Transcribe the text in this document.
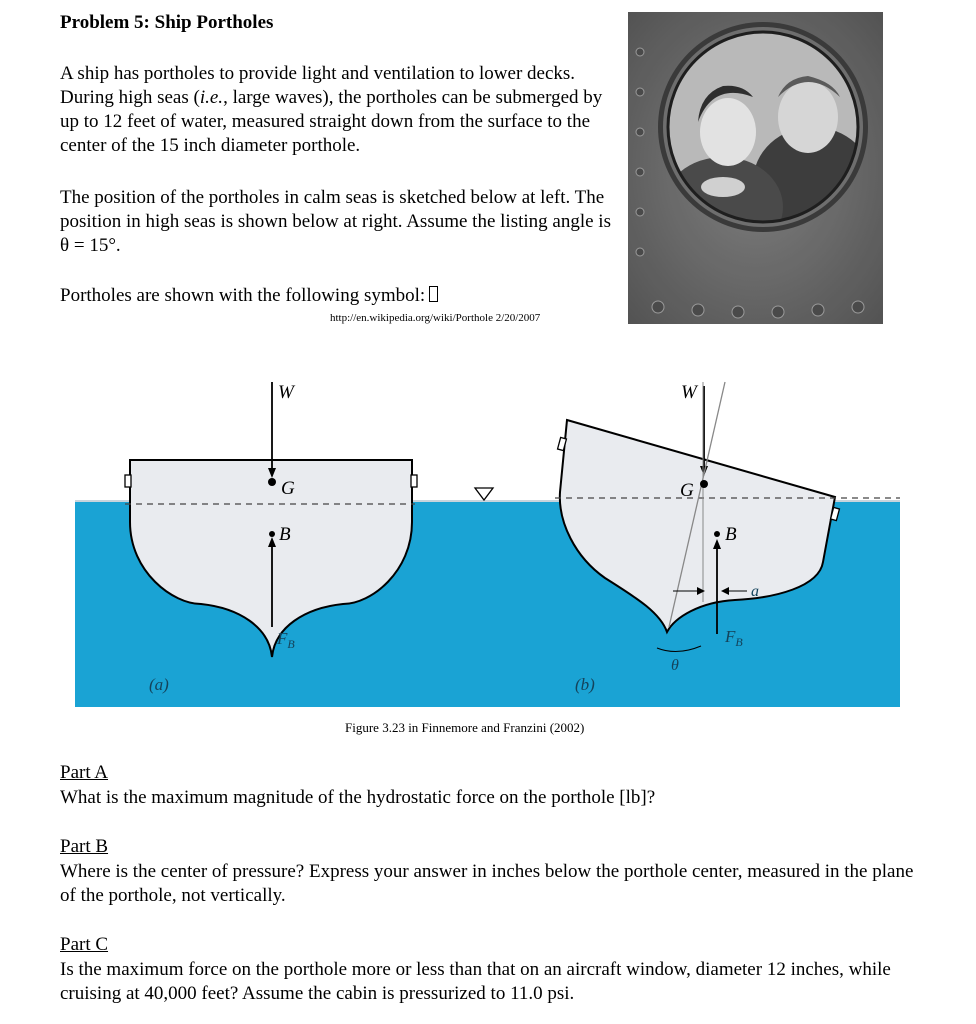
Problem 5: Ship Portholes
A ship has portholes to provide light and ventilation to lower decks. During high seas (i.e., large waves), the portholes can be submerged by up to 12 feet of water, measured straight down from the surface to the center of the 15 inch diameter porthole.
The position of the portholes in calm seas is sketched below at left. The position in high seas is shown below at right. Assume the listing angle is θ = 15°.
Portholes are shown with the following symbol:
http://en.wikipedia.org/wiki/Porthole 2/20/2007
W
G
B
$F_B$
(a)
W
G
B
a
$F_B$
θ
(b)
Figure 3.23 in Finnemore and Franzini (2002)
Part A
What is the maximum magnitude of the hydrostatic force on the porthole [lb]?
Part B
Where is the center of pressure? Express your answer in inches below the porthole center, measured in the plane of the porthole, not vertically.
Part C
Is the maximum force on the porthole more or less than that on an aircraft window, diameter 12 inches, while cruising at 40,000 feet? Assume the cabin is pressurized to 11.0 psi.
